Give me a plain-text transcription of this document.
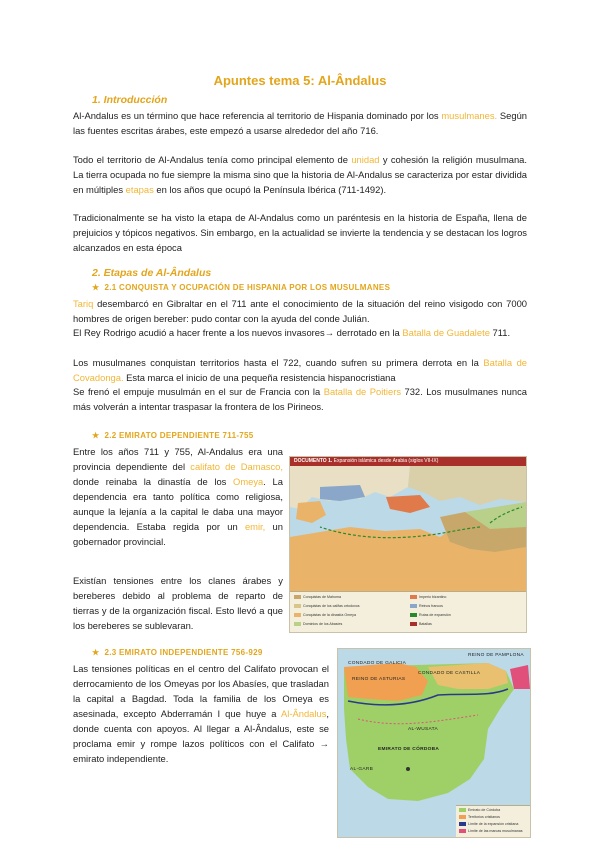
Apuntes tema 5: Al-Ândalus
1. Introducción
Al-Andalus es un término que hace referencia al territorio de Hispania dominado por los musulmanes. Según las fuentes escritas árabes, este empezó a usarse alrededor del año 716.
Todo el territorio de Al-Andalus tenía como principal elemento de unidad y cohesión la religión musulmana. La tierra ocupada no fue siempre la misma sino que la historia de Al-Andalus se caracteriza por estar dividida en múltiples etapas en los años que ocupó la Península Ibérica (711-1492).
Tradicionalmente se ha visto la etapa de Al-Andalus como un paréntesis en la historia de España, llena de prejuicios y tópicos negativos. Sin embargo, en la actualidad se invierte la tendencia y se destacan los logros alcanzados en esta época
2. Etapas de Al-Ândalus
★ 2.1 CONQUISTA Y OCUPACIÓN DE HISPANIA POR LOS MUSULMANES
Tariq desembarcó en Gibraltar en el 711 ante el conocimiento de la situación del reino visigodo con 7000 hombres de origen bereber: pudo contar con la ayuda del conde Julián.
El Rey Rodrigo acudió a hacer frente a los nuevos invasores→ derrotado en la Batalla de Guadalete 711.
Los musulmanes conquistan territorios hasta el 722, cuando sufren su primera derrota en la Batalla de Covadonga. Esta marca el inicio de una pequeña resistencia hispanocristiana
Se frenó el empuje musulmán en el sur de Francia con la Batalla de Poitiers 732. Los musulmanes nunca más volverán a intentar traspasar la frontera de los Pirineos.
★ 2.2 EMIRATO DEPENDIENTE 711-755
Entre los años 711 y 755, Al-Andalus era una provincia dependiente del califato de Damasco, donde reinaba la dinastía de los Omeya. La dependencia era tanto política como religiosa, aunque la lejanía a la capital le daba una mayor dependencia. Estaba regida por un emir, un gobernador provincial.
Existían tensiones entre los clanes árabes y bereberes debido al problema de reparto de tierras y de la organización fiscal. Esto llevó a que los bereberes se sublevaran.
DOCUMENTO 1. Expansión islámica desde Arabia (siglos VII-IX)
Conquistas de Mahoma
Conquistas de los califas ortodoxos
Conquistas de la dinastía Omeya
Dominios de los Abasíes
Imperio bizantino
Reinos francos
Rutas de expansión
Batallas
★ 2.3 EMIRATO INDEPENDIENTE 756-929
Las tensiones políticas en el centro del Califato provocan el derrocamiento de los Omeyas por los Abasíes, que trasladan la capital a Bagdad. Toda la familia de los Omeya es asesinada, excepto Abderramán I que huye a Al-Ândalus, donde cuenta con apoyos. Al llegar a Al-Ândalus, este se proclama emir y rompe lazos políticos con el Califato → emirato independiente.
REINO DE ASTURIAS
CONDADO DE GALICIA
REINO DE PAMPLONA
CONDADO DE CASTILLA
EMIRATO DE CÓRDOBA
AL-GARB
AL-WUSATA
Emirato de Córdoba
Territorios cristianos
Límite de la expansión cristiana
Límite de las marcas musulmanas
